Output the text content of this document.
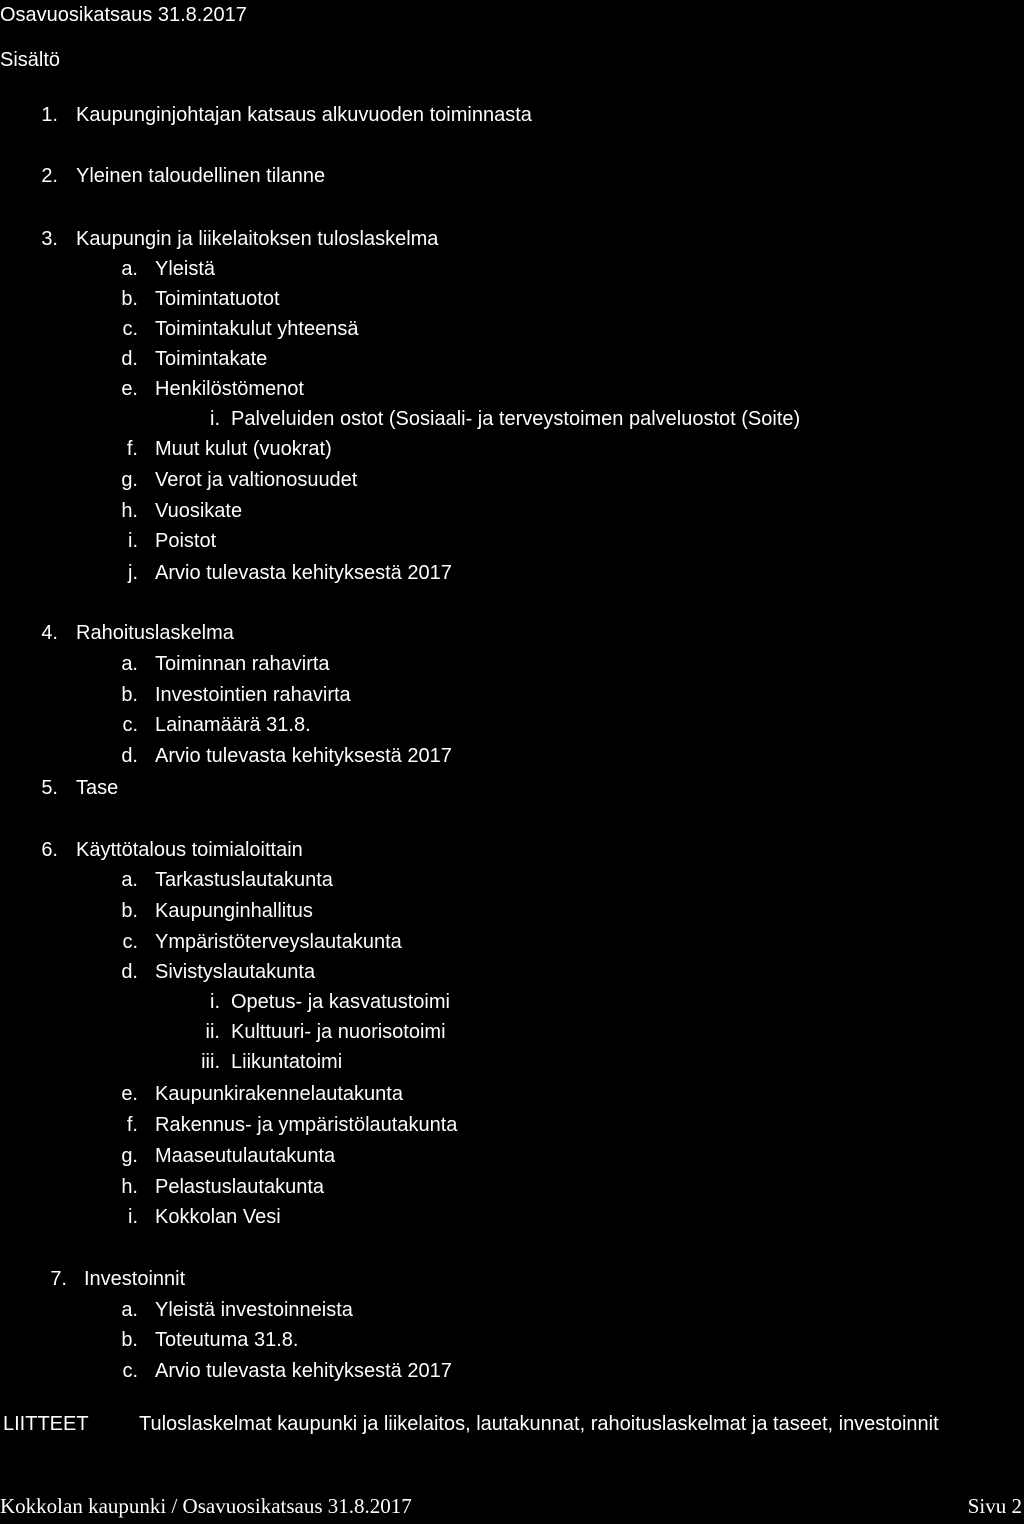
Osavuosikatsaus 31.8.2017
Sisältö
1. Kaupunginjohtajan katsaus alkuvuoden toiminnasta
2. Yleinen taloudellinen tilanne
3. Kaupungin ja liikelaitoksen tuloslaskelma
a. Yleistä
b. Toimintatuotot
c. Toimintakulut yhteensä
d. Toimintakate
e. Henkilöstömenot
i. Palveluiden ostot (Sosiaali- ja terveystoimen palveluostot (Soite)
f. Muut kulut (vuokrat)
g. Verot ja valtionosuudet
h. Vuosikate
i. Poistot
j. Arvio tulevasta kehityksestä 2017
4. Rahoituslaskelma
a. Toiminnan rahavirta
b. Investointien rahavirta
c. Lainamäärä 31.8.
d. Arvio tulevasta kehityksestä 2017
5. Tase
6. Käyttötalous toimialoittain
a. Tarkastuslautakunta
b. Kaupunginhallitus
c. Ympäristöterveyslautakunta
d. Sivistyslautakunta
i. Opetus- ja kasvatustoimi
ii. Kulttuuri- ja nuorisotoimi
iii. Liikuntatoimi
e. Kaupunkirakennelautakunta
f. Rakennus- ja ympäristölautakunta
g. Maaseutulautakunta
h. Pelastuslautakunta
i. Kokkolan Vesi
7. Investoinnit
a. Yleistä investoinneista
b. Toteutuma 31.8.
c. Arvio tulevasta kehityksestä 2017
LIITTEET	Tuloslaskelmat kaupunki ja liikelaitos, lautakunnat, rahoituslaskelmat ja taseet, investoinnit
Kokkolan kaupunki / Osavuosikatsaus 31.8.2017	Sivu 2
